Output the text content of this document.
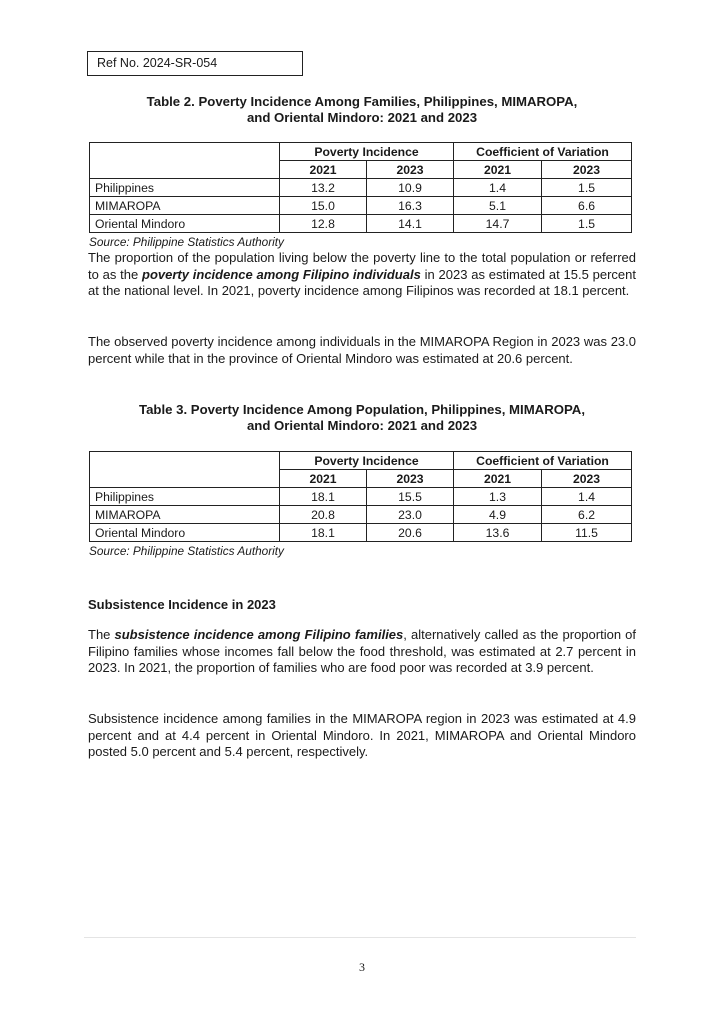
Ref No. 2024-SR-054
Table 2. Poverty Incidence Among Families, Philippines, MIMAROPA,
and Oriental Mindoro: 2021 and 2023
	Poverty Incidence		Coefficient of Variation	
	2021	2023	2021	2023
Philippines	13.2	10.9	1.4	1.5
MIMAROPA	15.0	16.3	5.1	6.6
Oriental Mindoro	12.8	14.1	14.7	1.5
Source: Philippine Statistics Authority
The proportion of the population living below the poverty line to the total population or referred to as the poverty incidence among Filipino individuals in 2023 as estimated at 15.5 percent at the national level. In 2021, poverty incidence among Filipinos was recorded at 18.1 percent.
The observed poverty incidence among individuals in the MIMAROPA Region in 2023 was 23.0 percent while that in the province of Oriental Mindoro was estimated at 20.6 percent.
Table 3. Poverty Incidence Among Population, Philippines, MIMAROPA,
and Oriental Mindoro: 2021 and 2023
	Poverty Incidence		Coefficient of Variation	
	2021	2023	2021	2023
Philippines	18.1	15.5	1.3	1.4
MIMAROPA	20.8	23.0	4.9	6.2
Oriental Mindoro	18.1	20.6	13.6	11.5
Source: Philippine Statistics Authority
Subsistence Incidence in 2023
The subsistence incidence among Filipino families, alternatively called as the proportion of Filipino families whose incomes fall below the food threshold, was estimated at 2.7 percent in 2023. In 2021, the proportion of families who are food poor was recorded at 3.9 percent.
Subsistence incidence among families in the MIMAROPA region in 2023 was estimated at 4.9 percent and at 4.4 percent in Oriental Mindoro. In 2021, MIMAROPA and Oriental Mindoro posted 5.0 percent and 5.4 percent, respectively.
3
